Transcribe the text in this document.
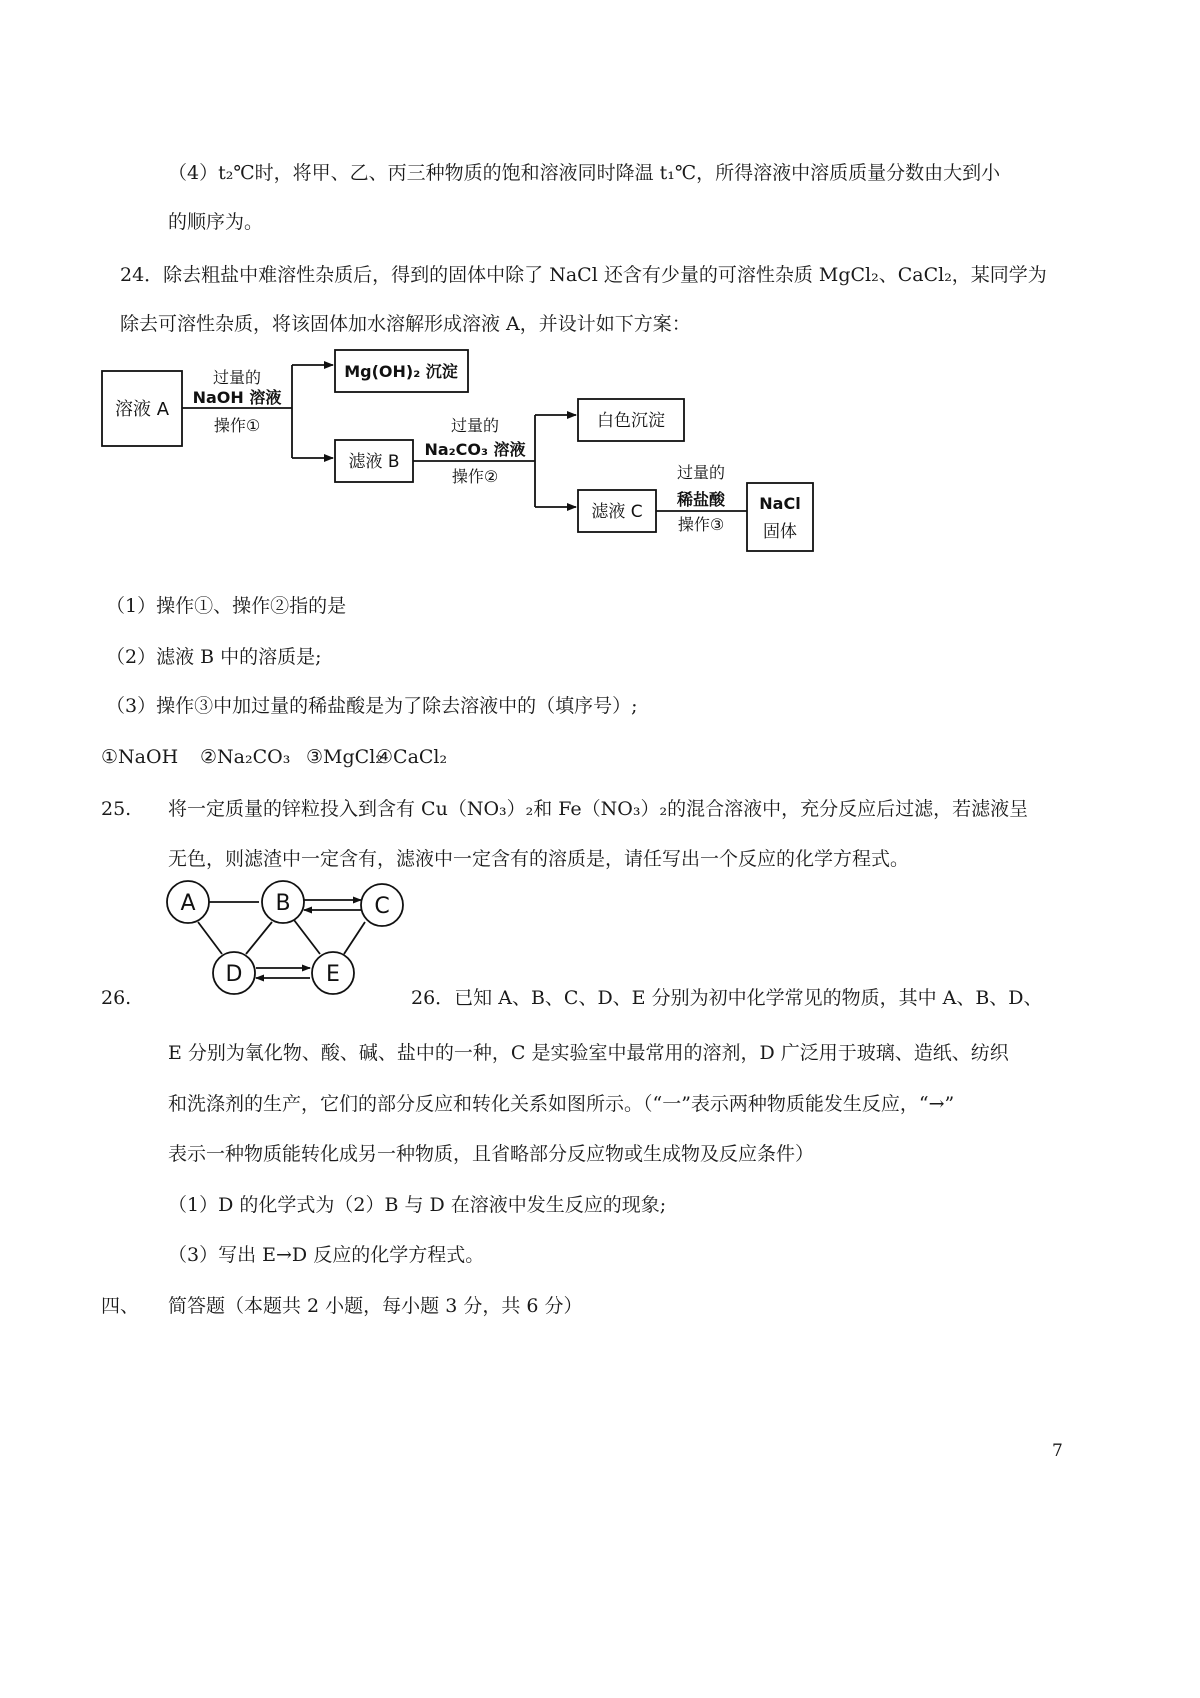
（4）t₂℃时，将甲、乙、丙三种物质的饱和溶液同时降温 t₁℃，所得溶液中溶质质量分数由大到小
的顺序为。
24．除去粗盐中难溶性杂质后，得到的固体中除了 NaCl 还含有少量的可溶性杂质 MgCl₂、CaCl₂，某同学为
除去可溶性杂质，将该固体加水溶解形成溶液 A，并设计如下方案：
溶液 A
过量的
NaOH 溶液
操作①
Mg(OH)₂ 沉淀
滤液 B
过量的
Na₂CO₃ 溶液
操作②
白色沉淀
滤液 C
过量的
稀盐酸
操作③
NaCl
固体
（1）操作①、操作②指的是
（2）滤液 B 中的溶质是;
（3）操作③中加过量的稀盐酸是为了除去溶液中的（填序号）;
①NaOH ②Na₂CO₃ ③MgCl₂
④CaCl₂
25. 将一定质量的锌粒投入到含有 Cu（NO₃）₂和 Fe（NO₃）₂的混合溶液中，充分反应后过滤，若滤液呈
无色，则滤渣中一定含有，滤液中一定含有的溶质是，请任写出一个反应的化学方程式。
A	B	C
D	E
26.	26．已知 A、B、C、D、E 分别为初中化学常见的物质，其中 A、B、D、
E 分别为氧化物、酸、碱、盐中的一种，C 是实验室中最常用的溶剂，D 广泛用于玻璃、造纸、纺织
和洗涤剂的生产，它们的部分反应和转化关系如图所示。（“一”表示两种物质能发生反应，“→”
表示一种物质能转化成另一种物质，且省略部分反应物或生成物及反应条件）
（1）D 的化学式为（2）B 与 D 在溶液中发生反应的现象;
（3）写出 E→D 反应的化学方程式。
四、 简答题（本题共 2 小题，每小题 3 分，共 6 分）
7
